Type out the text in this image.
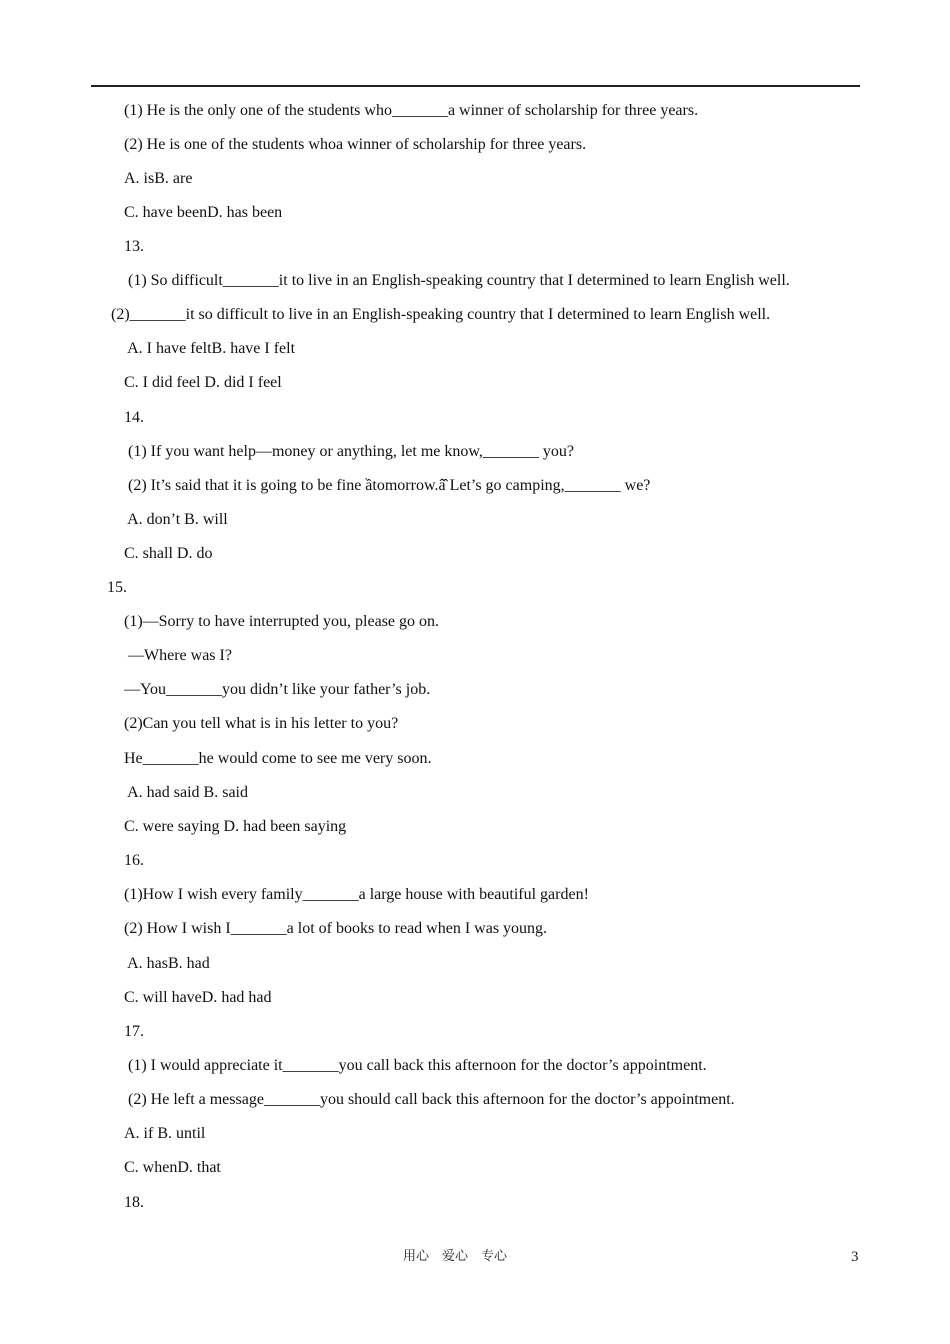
(1) He is the only one of the students who_______a winner of scholarship for three years.
(2) He is one of the students whoa winner of scholarship for three years.
A. isB. are
C. have beenD. has been
13.
(1) So difficult_______it to live in an English-speaking country that I determined to learn English well.
(2)_______it so difficult to live in an English-speaking country that I determined to learn English well.
A. I have feltB. have I felt
C. I did feel D. did I feel
14.
(1) If you want help—money or anything, let me know,_______ you?
(2) It’s said that it is going to be fine ầtomorrow.â̂ Let’s go camping,_______ we?
A. don’t B. will
C. shall D. do
15.
(1)—Sorry to have interrupted you, please go on.
—Where was I?
—You_______you didn’t like your father’s job.
(2)Can you tell what is in his letter to you?
He_______he would come to see me very soon.
A. had said B. said
C. were saying D. had been saying
16.
(1)How I wish every family_______a large house with beautiful garden!
(2) How I wish I_______a lot of books to read when I was young.
A. hasB. had
C. will haveD. had had
17.
(1) I would appreciate it_______you call back this afternoon for the doctor’s appointment.
(2) He left a message_______you should call back this afternoon for the doctor’s appointment.
A. if B. until
C. whenD. that
18.
用心　爱心　专心	3
